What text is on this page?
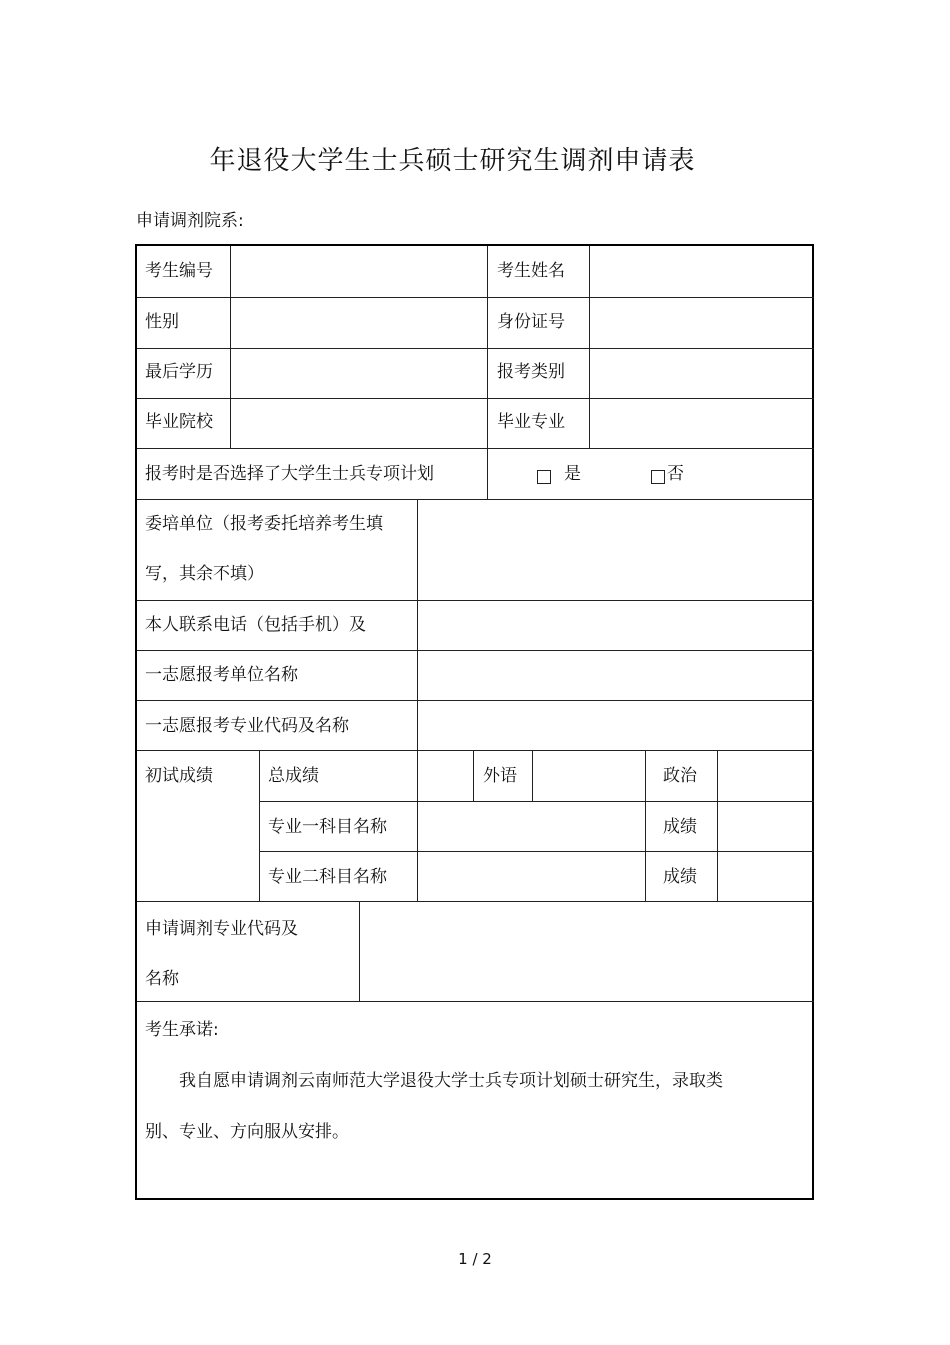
年退役大学生士兵硕士研究生调剂申请表
申请调剂院系:
考生编号	考生姓名
性别	身份证号
最后学历	报考类别
毕业院校	毕业专业
报考时是否选择了大学生士兵专项计划	是	否
委培单位（报考委托培养考生填
写，其余不填）
本人联系电话（包括手机）及
一志愿报考单位名称
一志愿报考专业代码及名称
初试成绩	总成绩	外语	政治
专业一科目名称	成绩
专业二科目名称	成绩
申请调剂专业代码及
名称
考生承诺:
我自愿申请调剂云南师范大学退役大学士兵专项计划硕士研究生，录取类
别、专业、方向服从安排。
1 / 2
